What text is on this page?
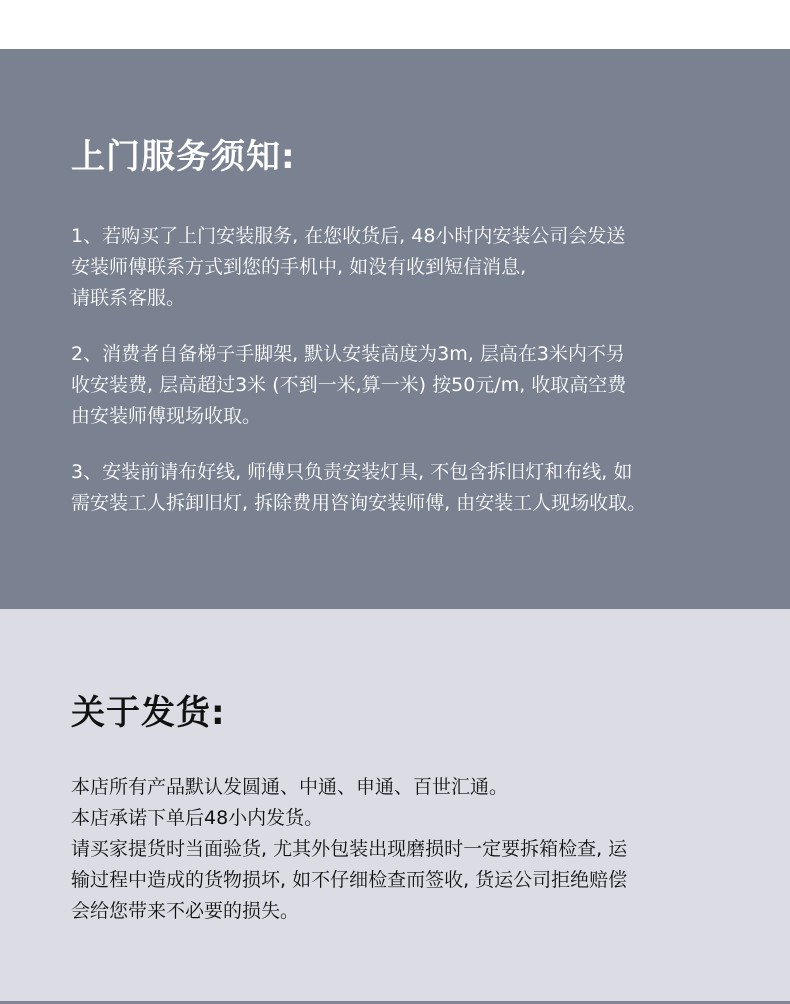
上门服务须知:

1、若购买了上门安装服务, 在您收货后, 48小时内安装公司会发送
安装师傅联系方式到您的手机中, 如没有收到短信消息,
请联系客服。

2、消费者自备梯子手脚架, 默认安装高度为3m, 层高在3米内不另
收安装费, 层高超过3米 (不到一米,算一米) 按50元/m, 收取高空费
由安装师傅现场收取。

3、安装前请布好线, 师傅只负责安装灯具, 不包含拆旧灯和布线, 如
需安装工人拆卸旧灯, 拆除费用咨询安装师傅, 由安装工人现场收取。

关于发货:
本店所有产品默认发圆通、中通、申通、百世汇通。
本店承诺下单后48小内发货。
请买家提货时当面验货, 尤其外包装出现磨损时一定要拆箱检查, 运
输过程中造成的货物损坏, 如不仔细检查而签收, 货运公司拒绝赔偿
会给您带来不必要的损失。
